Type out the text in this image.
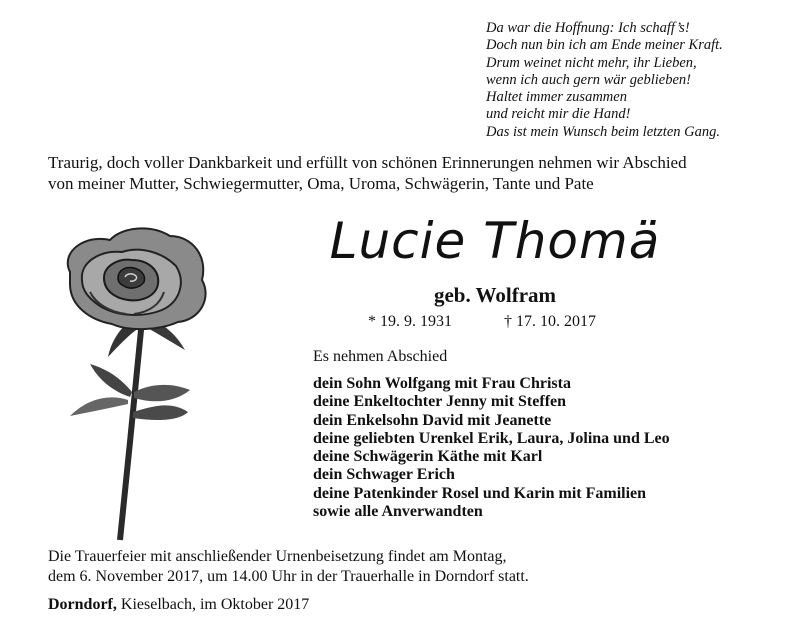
Da war die Hoffnung: Ich schaff’s!
Doch nun bin ich am Ende meiner Kraft.
Drum weinet nicht mehr, ihr Lieben,
wenn ich auch gern wär geblieben!
Haltet immer zusammen
und reicht mir die Hand!
Das ist mein Wunsch beim letzten Gang.
Traurig, doch voller Dankbarkeit und erfüllt von schönen Erinnerungen nehmen wir Abschied
von meiner Mutter, Schwiegermutter, Oma, Uroma, Schwägerin, Tante und Pate
Lucie Thomä
geb. Wolfram
* 19. 9. 1931	† 17. 10. 2017
Es nehmen Abschied
dein Sohn Wolfgang mit Frau Christa
deine Enkeltochter Jenny mit Steffen
dein Enkelsohn David mit Jeanette
deine geliebten Urenkel Erik, Laura, Jolina und Leo
deine Schwägerin Käthe mit Karl
dein Schwager Erich
deine Patenkinder Rosel und Karin mit Familien
sowie alle Anverwandten
Die Trauerfeier mit anschließender Urnenbeisetzung findet am Montag,
dem 6. November 2017, um 14.00 Uhr in der Trauerhalle in Dorndorf statt.
Dorndorf, Kieselbach, im Oktober 2017
